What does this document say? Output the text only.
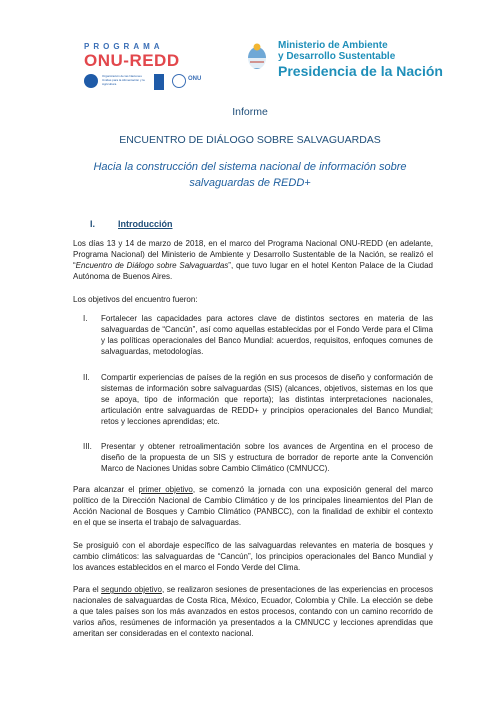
PROGRAMA
ONU-REDD
Organización de las Naciones Unidas para la Alimentación y la Agricultura
ONU
Ministerio de Ambiente
y Desarrollo Sustentable
Presidencia de la Nación
Informe
ENCUENTRO DE DIÁLOGO SOBRE SALVAGUARDAS
Hacia la construcción del sistema nacional de información sobre salvaguardas de REDD+
I.	Introducción
Los días 13 y 14 de marzo de 2018, en el marco del Programa Nacional ONU-REDD (en adelante, Programa Nacional) del Ministerio de Ambiente y Desarrollo Sustentable de la Nación, se realizó el “Encuentro de Diálogo sobre Salvaguardas”, que tuvo lugar en el hotel Kenton Palace de la Ciudad Autónoma de Buenos Aires.
Los objetivos del encuentro fueron:
I.	Fortalecer las capacidades para actores clave de distintos sectores en materia de las salvaguardas de “Cancún”, así como aquellas establecidas por el Fondo Verde para el Clima y las políticas operacionales del Banco Mundial: acuerdos, requisitos, enfoques comunes de salvaguardas, metodologías.
II.	Compartir experiencias de países de la región en sus procesos de diseño y conformación de sistemas de información sobre salvaguardas (SIS) (alcances, objetivos, sistemas en los que se apoya, tipo de información que reporta); las distintas interpretaciones nacionales, articulación entre salvaguardas de REDD+ y principios operacionales del Banco Mundial; retos y lecciones aprendidas; etc.
III.	Presentar y obtener retroalimentación sobre los avances de Argentina en el proceso de diseño de la propuesta de un SIS y estructura de borrador de reporte ante la Convención Marco de Naciones Unidas sobre Cambio Climático (CMNUCC).
Para alcanzar el primer objetivo, se comenzó la jornada con una exposición general del marco político de la Dirección Nacional de Cambio Climático y de los principales lineamientos del Plan de Acción Nacional de Bosques y Cambio Climático (PANBCC), con la finalidad de exhibir el contexto en el que se inserta el trabajo de salvaguardas.
Se prosiguió con el abordaje específico de las salvaguardas relevantes en materia de bosques y cambio climáticos: las salvaguardas de “Cancún”, los principios operacionales del Banco Mundial y los avances establecidos en el marco el Fondo Verde del Clima.
Para el segundo objetivo, se realizaron sesiones de presentaciones de las experiencias en procesos nacionales de salvaguardas de Costa Rica, México, Ecuador, Colombia y Chile. La elección se debe a que tales países son los más avanzados en estos procesos, contando con un camino recorrido de varios años, resúmenes de información ya presentados a la CMNUCC y lecciones aprendidas que ameritan ser consideradas en el contexto nacional.
